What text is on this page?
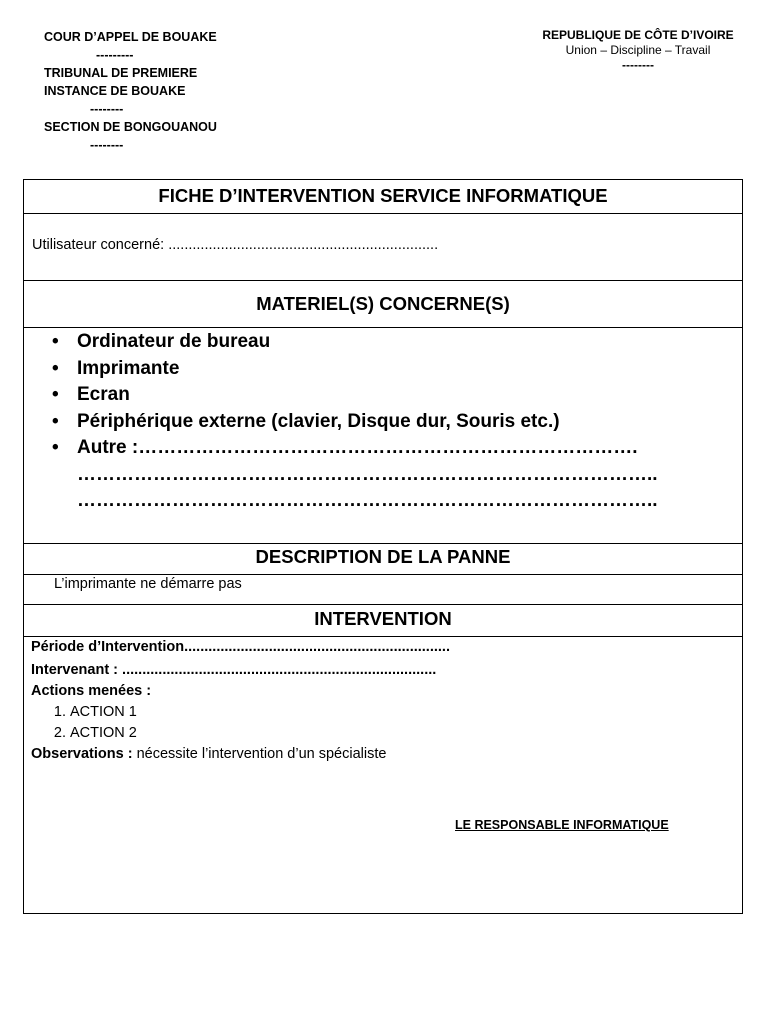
COUR D’APPEL DE BOUAKE
---------
TRIBUNAL DE PREMIERE
INSTANCE DE BOUAKE
--------
SECTION DE BONGOUANOU
--------
REPUBLIQUE DE CÔTE D’IVOIRE
Union – Discipline – Travail
--------
FICHE D’INTERVENTION SERVICE INFORMATIQUE
Utilisateur concerné: ...................................................................
MATERIEL(S) CONCERNE(S)
• Ordinateur de bureau
• Imprimante
• Ecran
• Périphérique externe (clavier, Disque dur, Souris etc.)
• Autre :…………………………………………………………………….
………………………………………………………………………………..
………………………………………………………………………………..
DESCRIPTION DE LA PANNE
L’imprimante ne démarre pas
INTERVENTION
Période d’Intervention..................................................................
Intervenant : ..............................................................................
Actions menées :
1. ACTION 1
2. ACTION 2
Observations : nécessite l’intervention d’un spécialiste
LE RESPONSABLE INFORMATIQUE
